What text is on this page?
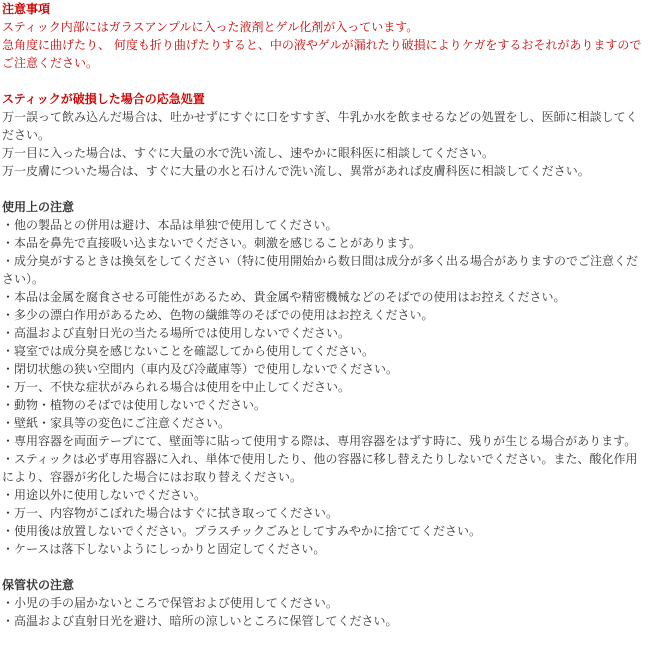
注意事項
スティック内部にはガラスアンプルに入った液剤とゲル化剤が入っています。
急角度に曲げたり、 何度も折り曲げたりすると、中の液やゲルが漏れたり破損によりケガをするおそれがありますのでご注意ください。
スティックが破損した場合の応急処置
万一誤って飲み込んだ場合は、吐かせずにすぐに口をすすぎ、牛乳か水を飲ませるなどの処置をし、医師に相談してください。
万一目に入った場合は、すぐに大量の水で洗い流し、速やかに眼科医に相談してください。
万一皮膚についた場合は、すぐに大量の水と石けんで洗い流し、異常があれば皮膚科医に相談してください。
使用上の注意
・他の製品との併用は避け、本品は単独で使用してください。
・本品を鼻先で直接吸い込まないでください。刺激を感じることがあります。
・成分臭がするときは換気をしてください（特に使用開始から数日間は成分が多く出る場合がありますのでご注意ください）。
・本品は金属を腐食させる可能性があるため、貴金属や精密機械などのそばでの使用はお控えください。
・多少の漂白作用があるため、色物の繊維等のそばでの使用はお控えください。
・高温および直射日光の当たる場所では使用しないでください。
・寝室では成分臭を感じないことを確認してから使用してください。
・閉切状態の狭い空間内（車内及び冷蔵庫等）で使用しないでください。
・万一、不快な症状がみられる場合は使用を中止してください。
・動物・植物のそばでは使用しないでください。
・壁紙・家具等の変色にご注意ください。
・専用容器を両面テープにて、壁面等に貼って使用する際は、専用容器をはずす時に、残りが生じる場合があります。
・スティックは必ず専用容器に入れ、単体で使用したり、他の容器に移し替えたりしないでください。また、酸化作用により、容器が劣化した場合にはお取り替えください。
・用途以外に使用しないでください。
・万一、内容物がこぼれた場合はすぐに拭き取ってください。
・使用後は放置しないでください。プラスチックごみとしてすみやかに捨ててください。
・ケースは落下しないようにしっかりと固定してください。
保管状の注意
・小児の手の届かないところで保管および使用してください。
・高温および直射日光を避け、暗所の涼しいところに保管してください。
